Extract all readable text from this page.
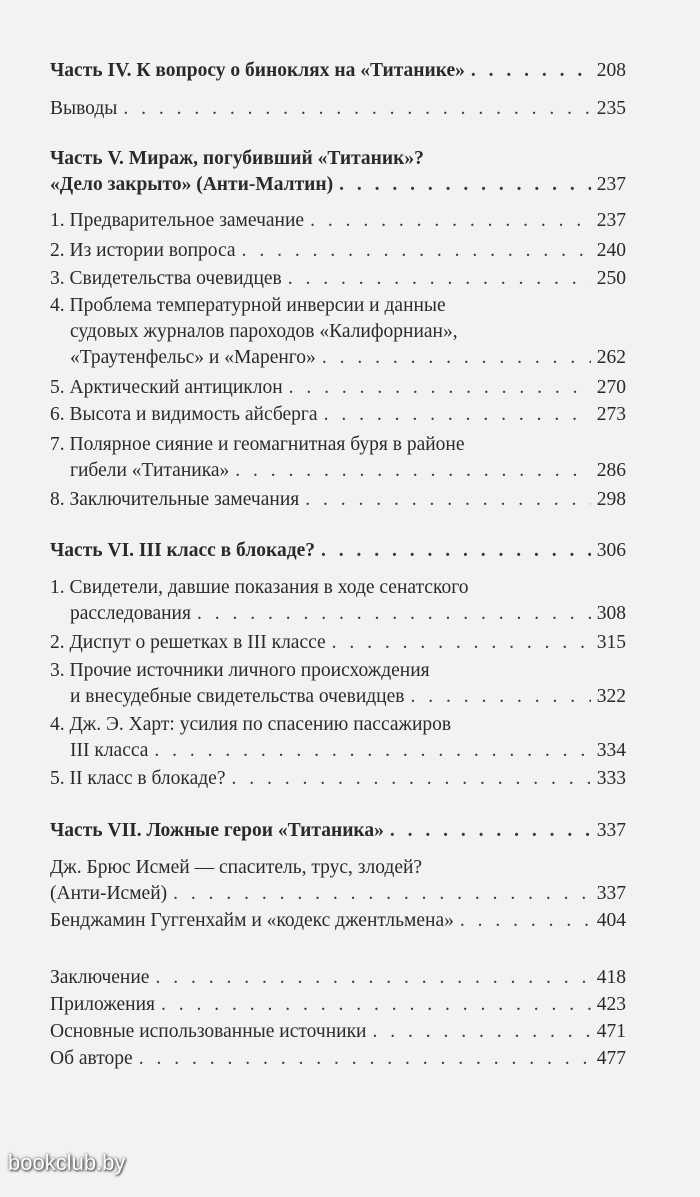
Часть IV. К вопросу о биноклях на «Титанике» . . .	208
Выводы . . .	235
Часть V. Мираж, погубивший «Титаник»?
«Дело закрыто» (Анти-Малтин) . . .	237
1. Предварительное замечание . . .	237
2. Из истории вопроса . . .	240
3. Свидетельства очевидцев . . .	250
4. Проблема температурной инверсии и данные
судовых журналов пароходов «Калифорниан»,
«Траутенфельс» и «Маренго» . . .	262
5. Арктический антициклон . . .	270
6. Высота и видимость айсберга . . .	273
7. Полярное сияние и геомагнитная буря в районе
гибели «Титаника» . . .	286
8. Заключительные замечания . . .	298
Часть VI. III класс в блокаде? . . .	306
1. Свидетели, давшие показания в ходе сенатского
расследования . . .	308
2. Диспут о решетках в III классе . . .	315
3. Прочие источники личного происхождения
и внесудебные свидетельства очевидцев . . .	322
4. Дж. Э. Харт: усилия по спасению пассажиров
III класса . . .	334
5. II класс в блокаде? . . .	333
Часть VII. Ложные герои «Титаника» . . .	337
Дж. Брюс Исмей — спаситель, трус, злодей?
(Анти-Исмей) . . .	337
Бенджамин Гуггенхайм и «кодекс джентльмена» . . .	404
Заключение . . .	418
Приложения . . .	423
Основные использованные источники . . .	471
Об авторе . . .	477
bookclub.by
